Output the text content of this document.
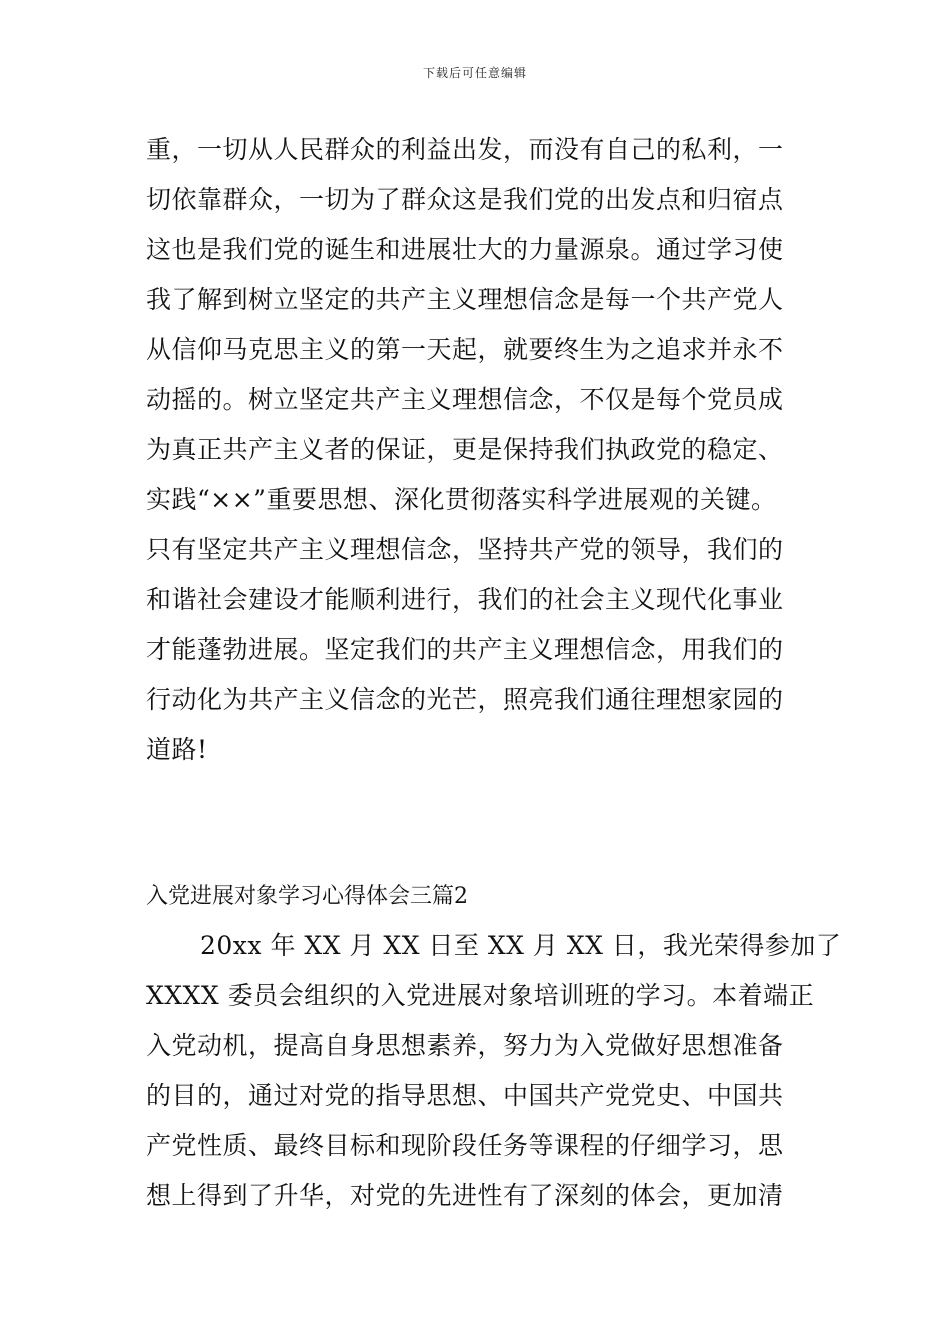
下载后可任意编辑
重，一切从人民群众的利益出发，而没有自己的私利，一
切依靠群众，一切为了群众这是我们党的出发点和归宿点
这也是我们党的诞生和进展壮大的力量源泉。通过学习使
我了解到树立坚定的共产主义理想信念是每一个共产党人
从信仰马克思主义的第一天起，就要终生为之追求并永不
动摇的。树立坚定共产主义理想信念，不仅是每个党员成
为真正共产主义者的保证，更是保持我们执政党的稳定、
实践“××”重要思想、深化贯彻落实科学进展观的关键。
只有坚定共产主义理想信念，坚持共产党的领导，我们的
和谐社会建设才能顺利进行，我们的社会主义现代化事业
才能蓬勃进展。坚定我们的共产主义理想信念，用我们的
行动化为共产主义信念的光芒，照亮我们通往理想家园的
道路!
入党进展对象学习心得体会三篇2
20xx 年 XX 月 XX 日至 XX 月 XX 日，我光荣得参加了
XXXX 委员会组织的入党进展对象培训班的学习。本着端正
入党动机，提高自身思想素养，努力为入党做好思想准备
的目的，通过对党的指导思想、中国共产党党史、中国共
产党性质、最终目标和现阶段任务等课程的仔细学习，思
想上得到了升华，对党的先进性有了深刻的体会，更加清
